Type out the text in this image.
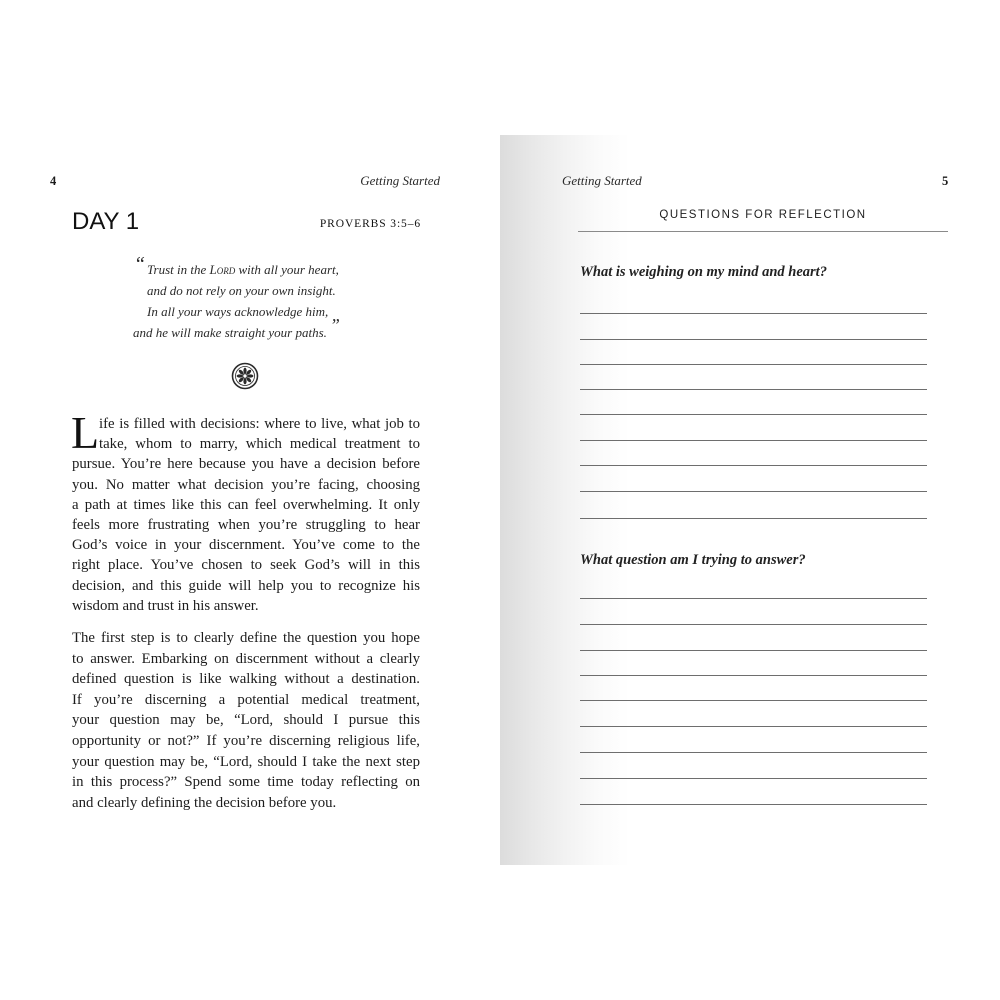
4	Getting Started
DAY 1	PROVERBS 3:5–6
“ Trust in the Lord with all your heart,
and do not rely on your own insight.
In all your ways acknowledge him,
and he will make straight your paths. ”
L ife is filled with decisions: where to live, what job to
take, whom to marry, which medical treatment to
pursue. You’re here because you have a decision before
you. No matter what decision you’re facing, choosing
a path at times like this can feel overwhelming. It only
feels more frustrating when you’re struggling to hear
God’s voice in your discernment. You’ve come to the
right place. You’ve chosen to seek God’s will in this
decision, and this guide will help you to recognize his
wisdom and trust in his answer.
The first step is to clearly define the question you hope
to answer. Embarking on discernment without a clearly
defined question is like walking without a destination.
If you’re discerning a potential medical treatment,
your question may be, “Lord, should I pursue this
opportunity or not?” If you’re discerning religious life,
your question may be, “Lord, should I take the next step
in this process?” Spend some time today reflecting on
and clearly defining the decision before you.
Getting Started	5
QUESTIONS FOR REFLECTION
What is weighing on my mind and heart?
What question am I trying to answer?
